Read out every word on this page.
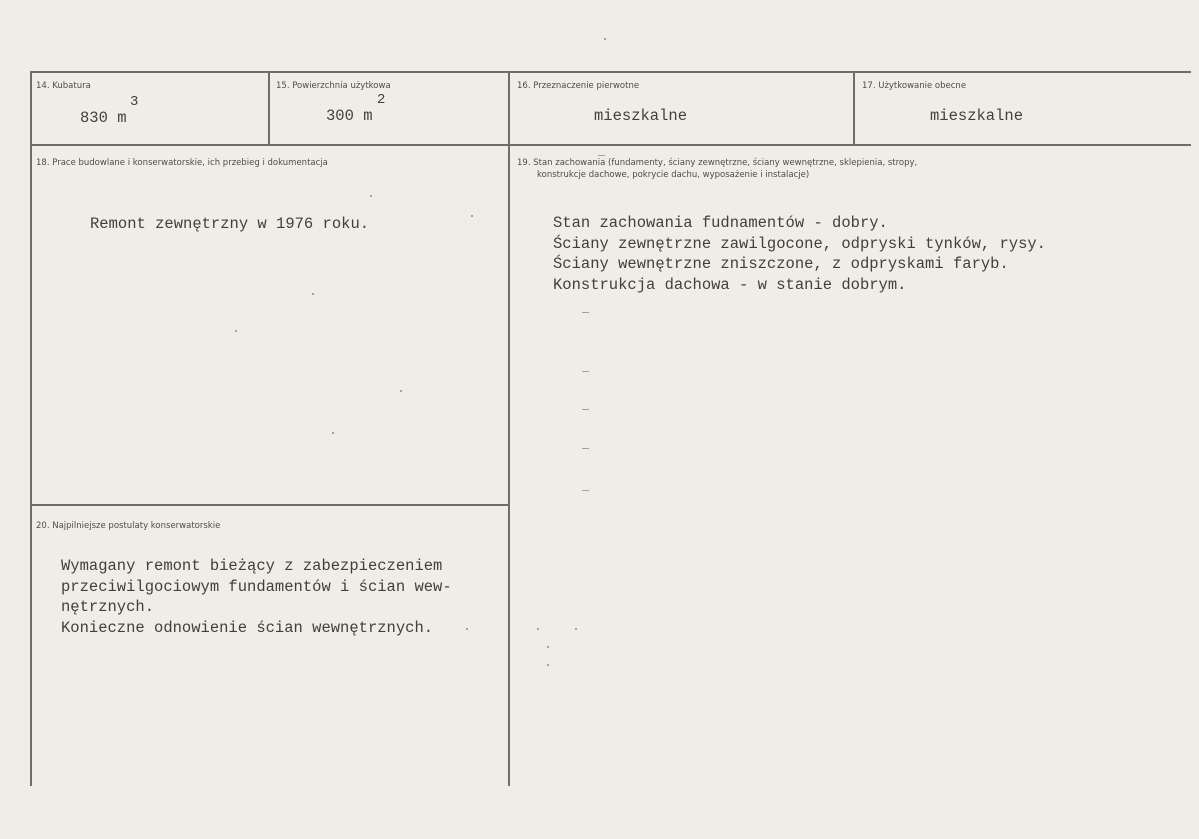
14. Kubatura
830 m
3
15. Powierzchnia użytkowa
300 m
2
16. Przeznaczenie pierwotne
mieszkalne
17. Użytkowanie obecne
mieszkalne
18. Prace budowlane i konserwatorskie, ich przebieg i dokumentacja
Remont zewnętrzny w 1976 roku.
19. Stan zachowania (fundamenty, ściany zewnętrzne, ściany wewnętrzne, sklepienia, stropy,
konstrukcje dachowe, pokrycie dachu, wyposażenie i instalacje)
Stan zachowania fudnamentów - dobry.
Ściany zewnętrzne zawilgocone, odpryski tynków, rysy.
Ściany wewnętrzne zniszczone, z odpryskami faryb.
Konstrukcja dachowa - w stanie dobrym.
20. Najpilniejsze postulaty konserwatorskie
Wymagany remont bieżący z zabezpieczeniem
przeciwilgociowym fundamentów i ścian wew-
nętrznych.
Konieczne odnowienie ścian wewnętrznych.
